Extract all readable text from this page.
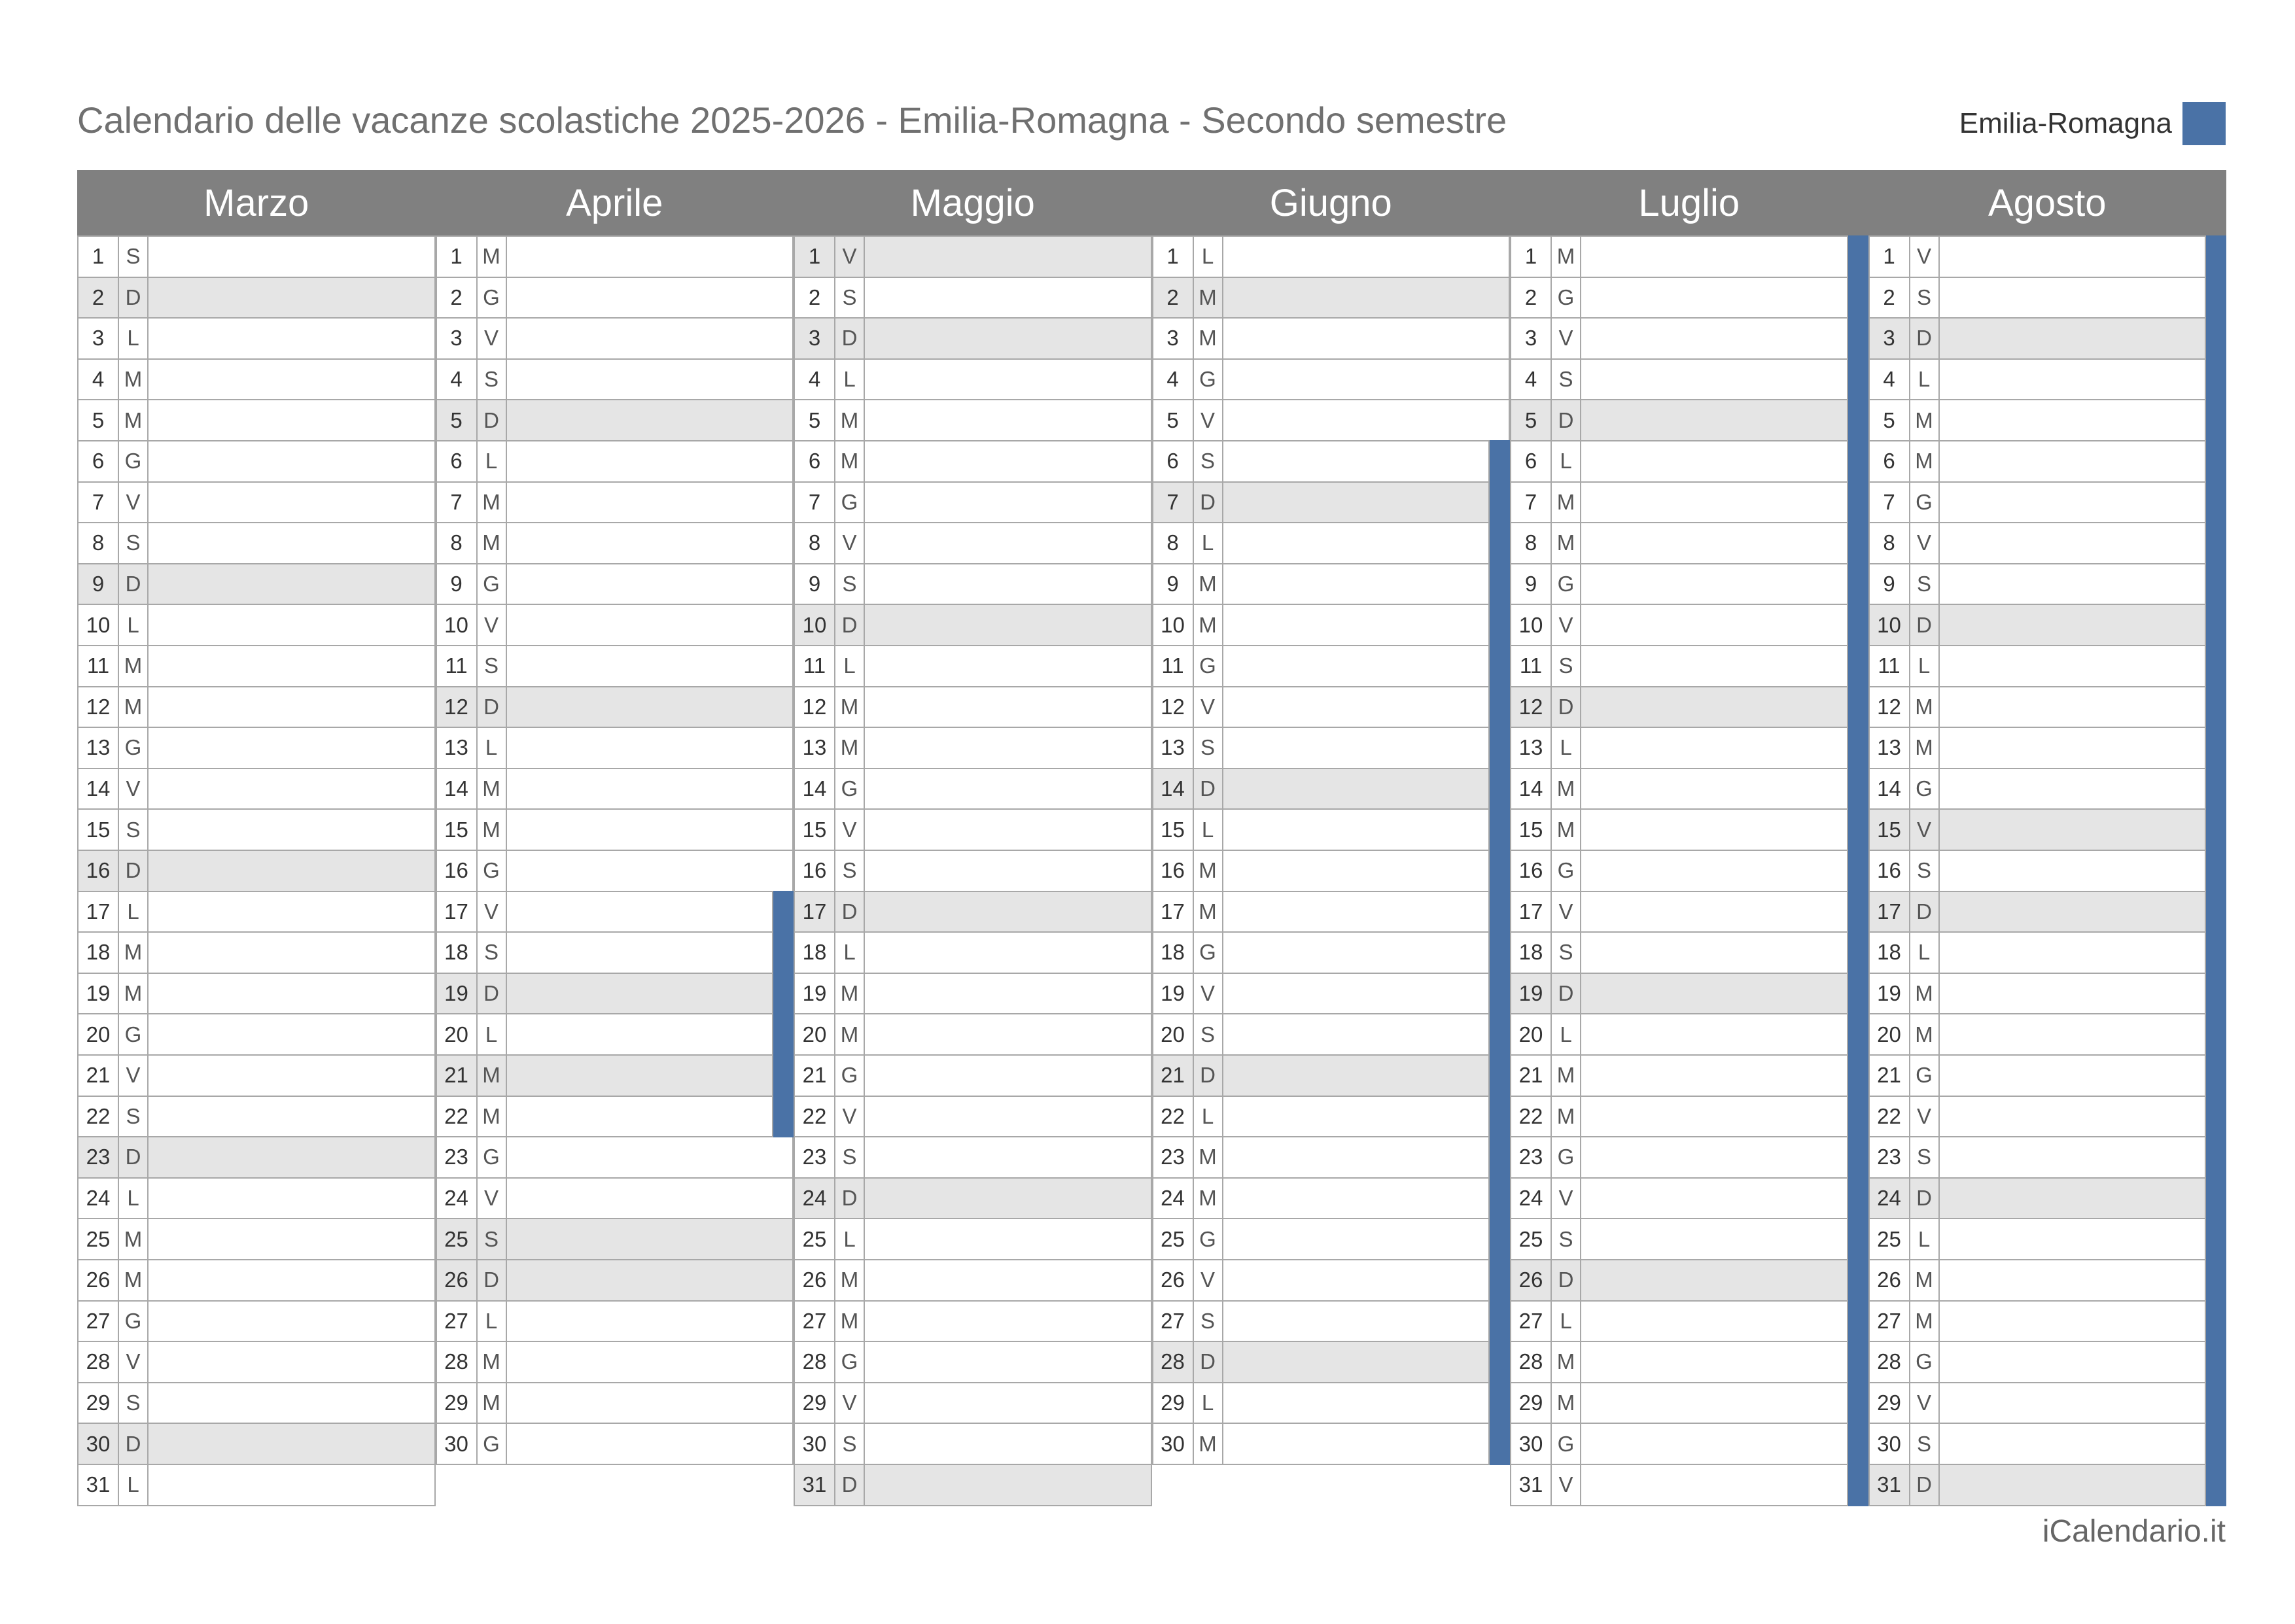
Calendario delle vacanze scolastiche 2025-2026 - Emilia-Romagna - Secondo semestre	Emilia-Romagna
Marzo
1	S
2 D
3	L
4 M
5 M
6 G
7	V
8	S
9 D
10 L
11 M
12 M
13 G
14 V
15 S
16 D
17 L
18 M
19 M
20 G
21 V
22 S
23 D
24 L
25 M
26 M
27 G
28 V
29 S
30 D
31 L
Aprile
1 M
2 G
3	V
4	S
5 D
6	L
7 M
8 M
9 G
10 V
11 S
12 D
13 L
14 M
15 M
16 G
17 V
18 S
19 D
20 L
21 M
22 M
23 G
24 V
25 S
26 D
27 L
28 M
29 M
30 G
Maggio
1	V
2	S
3 D
4	L
5 M
6 M
7 G
8	V
9	S
10 D
11 L
12 M
13 M
14 G
15 V
16 S
17 D
18 L
19 M
20 M
21 G
22 V
23 S
24 D
25 L
26 M
27 M
28 G
29 V
30 S
31 D
Giugno
1	L
2 M
3 M
4 G
5	V
6	S
7 D
8	L
9 M
10 M
11 G
12 V
13 S
14 D
15 L
16 M
17 M
18 G
19 V
20 S
21 D
22 L
23 M
24 M
25 G
26 V
27 S
28 D
29 L
30 M
Luglio
1 M
2 G
3	V
4	S
5 D
6	L
7 M
8 M
9 G
10 V
11 S
12 D
13 L
14 M
15 M
16 G
17 V
18 S
19 D
20 L
21 M
22 M
23 G
24 V
25 S
26 D
27 L
28 M
29 M
30 G
31 V
Agosto
1	V
2	S
3 D
4	L
5 M
6 M
7 G
8	V
9	S
10 D
11 L
12 M
13 M
14 G
15 V
16 S
17 D
18 L
19 M
20 M
21 G
22 V
23 S
24 D
25 L
26 M
27 M
28 G
29 V
30 S
31 D
iCalendario.it
